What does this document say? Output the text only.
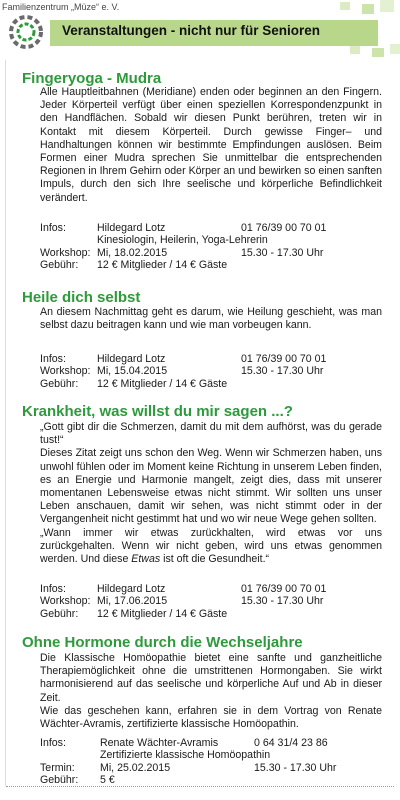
Familienzentrum „Müze“ e. V.
Veranstaltungen - nicht nur für Senioren
Fingeryoga - Mudra
Alle Hauptleitbahnen (Meridiane) enden oder beginnen an den Fingern. Jeder Körperteil verfügt über einen speziellen Korrespondenzpunkt in den Handflächen. Sobald wir diesen Punkt berühren, treten wir in Kontakt mit diesem Körperteil. Durch gewisse Finger– und Handhaltungen können wir bestimmte Empfindungen auslösen. Beim Formen einer Mudra sprechen Sie unmittelbar die entsprechenden Regionen in Ihrem Gehirn oder Körper an und bewirken so einen sanften Impuls, durch den sich Ihre seelische und körperliche Befindlichkeit verändert.
Infos:	Hildegard Lotz	01 76/39 00 70 01
Kinesiologin, Heilerin, Yoga-Lehrerin
Workshop: Mi, 18.02.2015	15.30 - 17.30 Uhr
Gebühr: 12 € Mitglieder / 14 € Gäste
Heile dich selbst
An diesem Nachmittag geht es darum, wie Heilung geschieht, was man selbst dazu beitragen kann und wie man vorbeugen kann.
Infos:	Hildegard Lotz	01 76/39 00 70 01
Workshop: Mi, 15.04.2015	15.30 - 17.30 Uhr
Gebühr: 12 € Mitglieder / 14 € Gäste
Krankheit, was willst du mir sagen ...?
„Gott gibt dir die Schmerzen, damit du mit dem aufhörst, was du gerade tust!“
Dieses Zitat zeigt uns schon den Weg. Wenn wir Schmerzen haben, uns unwohl fühlen oder im Moment keine Richtung in unserem Leben finden, es an Energie und Harmonie mangelt, zeigt dies, dass mit unserer momentanen Lebensweise etwas nicht stimmt. Wir sollten uns unser Leben anschauen, damit wir sehen, was nicht stimmt oder in der Vergangenheit nicht gestimmt hat und wo wir neue Wege gehen sollten.
„Wann immer wir etwas zurückhalten, wird etwas vor uns zurückgehalten. Wenn wir nicht geben, wird uns etwas genommen werden. Und diese Etwas ist oft die Gesundheit.“
Infos:	Hildegard Lotz	01 76/39 00 70 01
Workshop: Mi, 17.06.2015	15.30 - 17.30 Uhr
Gebühr: 12 € Mitglieder / 14 € Gäste
Ohne Hormone durch die Wechseljahre
Die Klassische Homöopathie bietet eine sanfte und ganzheitliche Therapiemöglichkeit ohne die umstrittenen Hormongaben. Sie wirkt harmonisierend auf das seelische und körperliche Auf und Ab in dieser Zeit.
Wie das geschehen kann, erfahren sie in dem Vortrag von Renate Wächter-Avramis, zertifizierte klassische Homöopathin.
Infos:	Renate Wächter-Avramis	0 64 31/4 23 86
Zertifizierte klassische Homöopathin
Termin: Mi, 25.02.2015	15.30 - 17.30 Uhr
Gebühr: 5 €
